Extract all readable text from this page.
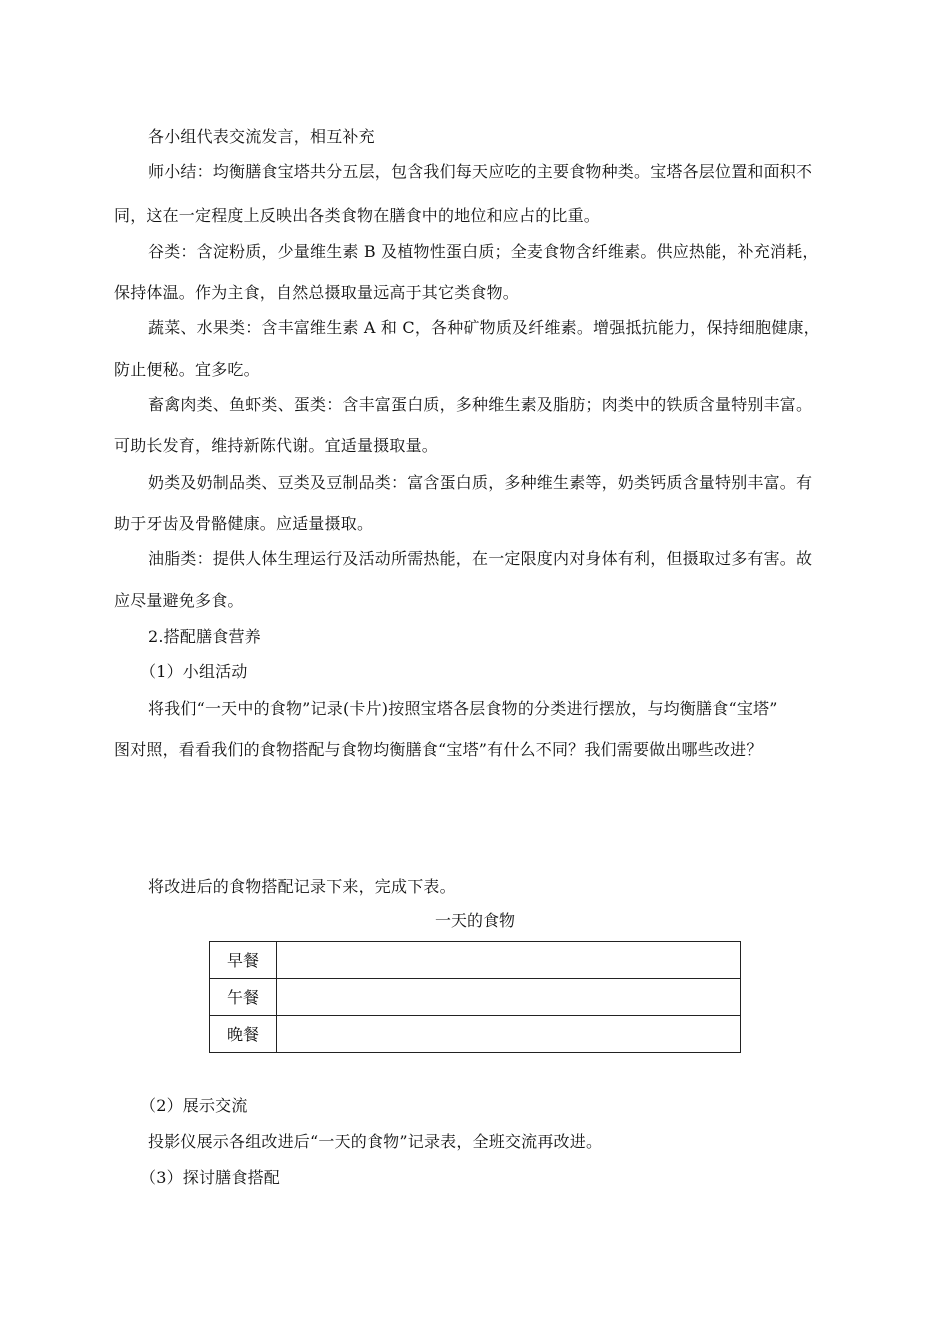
各小组代表交流发言，相互补充
师小结：均衡膳食宝塔共分五层，包含我们每天应吃的主要食物种类。宝塔各层位置和面积不
同，这在一定程度上反映出各类食物在膳食中的地位和应占的比重。
谷类：含淀粉质，少量维生素 B 及植物性蛋白质；全麦食物含纤维素。供应热能，补充消耗，
保持体温。作为主食，自然总摄取量远高于其它类食物。
蔬菜、水果类：含丰富维生素 A 和 C，各种矿物质及纤维素。增强抵抗能力，保持细胞健康，
防止便秘。宜多吃。
畜禽肉类、鱼虾类、蛋类：含丰富蛋白质，多种维生素及脂肪；肉类中的铁质含量特别丰富。
可助长发育，维持新陈代谢。宜适量摄取量。
奶类及奶制品类、豆类及豆制品类：富含蛋白质，多种维生素等，奶类钙质含量特别丰富。有
助于牙齿及骨骼健康。应适量摄取。
油脂类：提供人体生理运行及活动所需热能，在一定限度内对身体有利，但摄取过多有害。故
应尽量避免多食。
2.搭配膳食营养
（1）小组活动
将我们“一天中的食物”记录(卡片)按照宝塔各层食物的分类进行摆放，与均衡膳食“宝塔”
图对照，看看我们的食物搭配与食物均衡膳食“宝塔”有什么不同？我们需要做出哪些改进？
将改进后的食物搭配记录下来，完成下表。
一天的食物
早餐	
午餐	
晚餐	
（2）展示交流
投影仪展示各组改进后“一天的食物”记录表，全班交流再改进。
（3）探讨膳食搭配
